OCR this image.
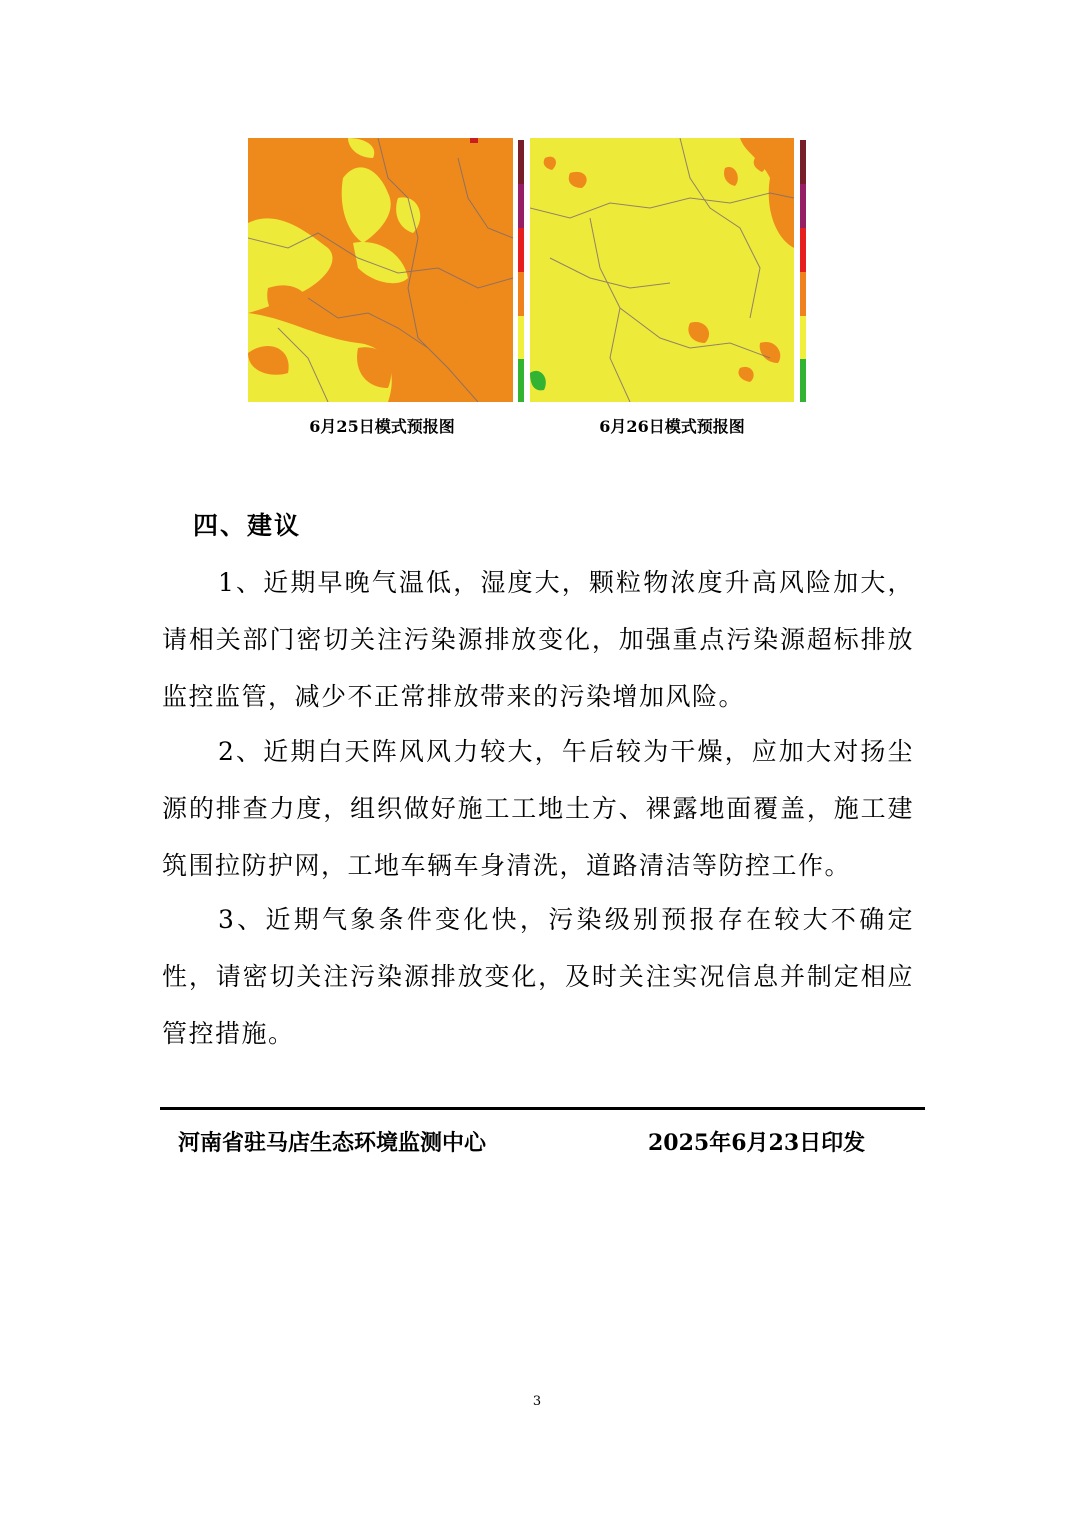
6月25日模式预报图	6月26日模式预报图
四、建议
1、近期早晚气温低，湿度大，颗粒物浓度升高风险加大，请相关部门密切关注污染源排放变化，加强重点污染源超标排放监控监管，减少不正常排放带来的污染增加风险。
2、近期白天阵风风力较大，午后较为干燥，应加大对扬尘源的排查力度，组织做好施工工地土方、裸露地面覆盖，施工建筑围拉防护网，工地车辆车身清洗，道路清洁等防控工作。
3、近期气象条件变化快，污染级别预报存在较大不确定性，请密切关注污染源排放变化，及时关注实况信息并制定相应管控措施。
河南省驻马店生态环境监测中心	2025年6月23日印发
3
